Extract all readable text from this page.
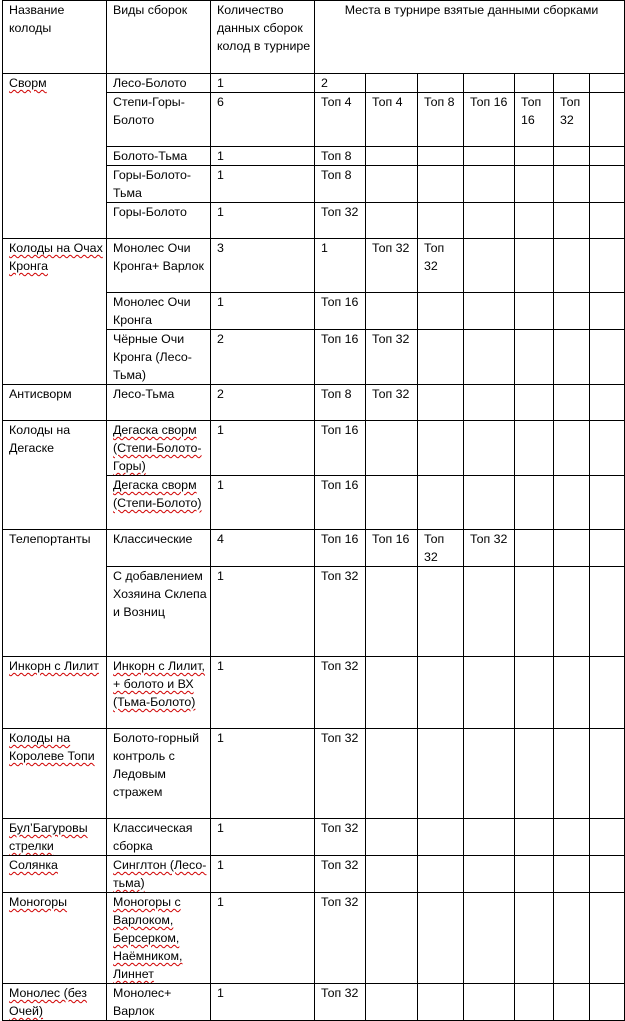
Название колоды	Виды сборок	Количество данных сборок колод в турнире	Места в турнире взятые данными сборками						
Сворм	Лесо-Болото	1	2						
	Степи-Горы-Болото	6	Топ 4	Топ 4	Топ 8	Топ 16	Топ 16	Топ 32	
	Болото-Тьма	1	Топ 8						
	Горы-Болото-Тьма	1	Топ 8						
	Горы-Болото	1	Топ 32						
Колоды на Очах Кронга	Монолес Очи Кронга+ Варлок	3	1	Топ 32	Топ 32				
	Монолес Очи Кронга	1	Топ 16						
	Чёрные Очи Кронга (Лесо-Тьма)	2	Топ 16	Топ 32					
Антисворм	Лесо-Тьма	2	Топ 8	Топ 32					
Колоды на Дегаске	Дегаска сворм (Степи-Болото-Горы)	1	Топ 16						
	Дегаска сворм (Степи-Болото)	1	Топ 16						
Телепортанты	Классические	4	Топ 16	Топ 16	Топ 32	Топ 32			
	С добавлением Хозяина Склепа и Возниц	1	Топ 32						
Инкорн с Лилит	Инкорн с Лилит, + болото и ВХ (Тьма-Болото)	1	Топ 32						
Колоды на Королеве Топи	Болото-горный контроль с Ледовым стражем	1	Топ 32						
Бул’Багуровы стрелки	Классическая сборка	1	Топ 32						
Солянка	Синглтон (Лесо-тьма)	1	Топ 32						
Моногоры	Моногоры с Варлоком, Берсерком, Наёмником, Линнет	1	Топ 32						
Монолес (без Очей)	Монолес+ Варлок	1	Топ 32						
